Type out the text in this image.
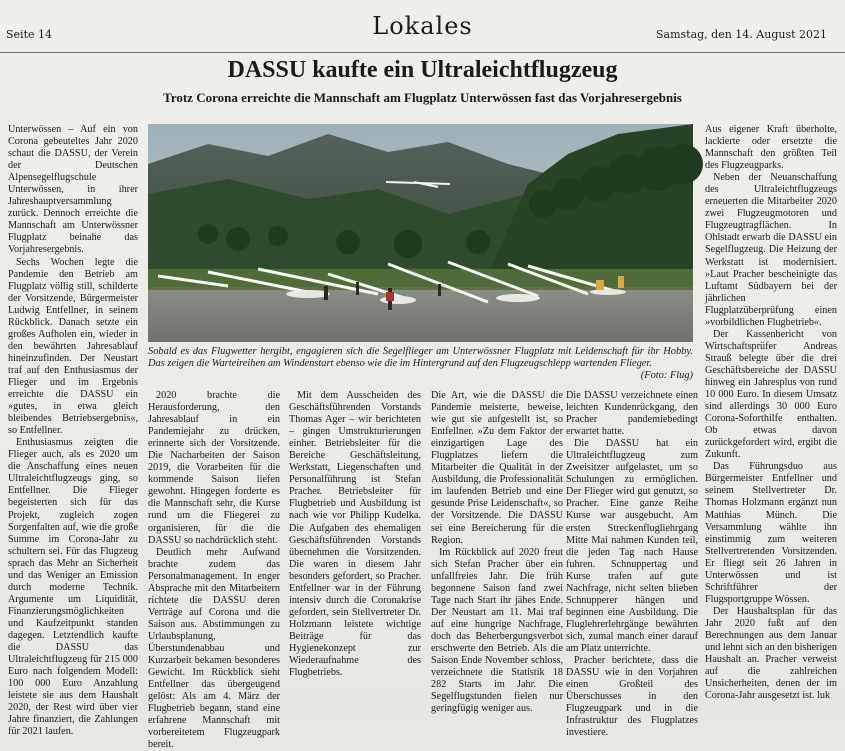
Seite 14	Lokales	Samstag, den 14. August 2021
DASSU kaufte ein Ultraleichtflugzeug
Trotz Corona erreichte die Mannschaft am Flugplatz Unterwössen fast das Vorjahresergebnis

Unterwössen – Auf ein von Corona gebeuteltes Jahr 2020 schaut die DASSU, der Verein der Deutschen Alpensegelflugschule Unterwössen, in ihrer Jahreshauptversammlung zurück. Dennoch erreichte die Mannschaft am Unterwössner Flugplatz beinahe das Vorjahresergebnis.

Sechs Wochen legte die Pandemie den Betrieb am Flugplatz völlig still, schilderte der Vorsitzende, Bürgermeister Ludwig Entfellner, in seinem Rückblick. Danach setzte ein großes Aufholen ein, wieder in den bewährten Jahresablauf hineinzufinden. Der Neustart traf auf den Enthusiasmus der Flieger und im Ergebnis erreichte die DASSU ein »gutes, in etwa gleich bleibendes Betriebsergebnis«, so Entfellner.

Enthusiasmus zeigten die Flieger auch, als es 2020 um die Anschaffung eines neuen Ultraleichtflugzeugs ging, so Entfellner. Die Flieger begeisterten sich für das Projekt, zugleich zogen Sorgenfalten auf, wie die große Summe im Corona-Jahr zu schultern sei. Für das Flugzeug sprach das Mehr an Sicherheit und das Weniger an Emission durch moderne Technik. Argumente um Liquidität, Finanzierungsmöglichkeiten und Kaufzeitpunkt standen dagegen. Letztendlich kaufte die DASSU das Ultraleichtflugzeug für 215 000 Euro nach folgendem Modell: 100 000 Euro Anzahlung leistete sie aus dem Haushalt 2020, der Rest wird über vier Jahre finanziert, die Zahlungen für 2021 laufen.

Sobald es das Flugwetter hergibt, engagieren sich die Segelflieger am Unterwössner Flugplatz mit Leidenschaft für ihr Hobby. Das zeigen die Warteireihen am Windenstart ebenso wie die im Hintergrund auf den Flugzeugschlepp wartenden Flieger.
(Foto: Flug)

2020 brachte die Herausforderung, den Jahresablauf in ein Pandemiejahr zu drücken, erinnerte sich der Vorsitzende. Die Nacharbeiten der Saison 2019, die Vorarbeiten für die kommende Saison liefen gewohnt. Hingegen forderte es die Mannschaft sehr, die Kurse rund um die Fliegerei zu organisieren, für die die DASSU so nachdrücklich steht.

Deutlich mehr Aufwand brachte zudem das Personalmanagement. In enger Absprache mit den Mitarbeitern richtete die DASSU deren Verträge auf Corona und die Saison aus. Abstimmungen zu Urlaubsplanung, Überstundenabbau und Kurzarbeit bekamen besonderes Gewicht. Im Rückblick sieht Entfellner das übergeugend gelöst: Als am 4. März der Flugbetrieb begann, stand eine erfahrene Mannschaft mit vorbereitetem Flugzeugpark bereit.

Mit dem Ausscheiden des Geschäftsführenden Vorstands Thomas Ager – wir berichteten – gingen Umstrukturierungen einher. Betriebsleiter für die Bereiche Geschäftsleitung, Werkstatt, Liegenschaften und Personalführung ist Stefan Pracher. Betriebsleiter für Flugbetrieb und Ausbildung ist nach wie vor Philipp Kudelka. Die Aufgaben des ehemaligen Geschäftsführenden Vorstands übernehmen die Vorsitzenden. Die waren in diesem Jahr besonders gefordert, so Pracher. Entfellner war in der Führung intensiv durch die Coronakrise gefordert, sein Stellvertreter Dr. Holzmann leistete wichtige Beiträge für das Hygienekonzept zur Wiederaufnahme des Flugbetriebs.

Die Art, wie die DASSU die Pandemie meisterte, beweise, wie gut sie aufgestellt ist, so Entfellner. »Zu dem Faktor der einzigartigen Lage des Flugplatzes liefern die Mitarbeiter die Qualität in der Ausbildung, die Professionalität im laufenden Betrieb und eine gesunde Prise Leidenschaft«, so der Vorsitzende. Die DASSU sei eine Bereicherung für die Region.

Im Rückblick auf 2020 freut sich Stefan Pracher über ein unfallfreies Jahr. Die früh begonnene Saison fand zwei Tage nach Start ihr jähes Ende. Der Neustart am 11. Mai traf auf eine hungrige Nachfrage, doch das Beherbergungsverbot erschwerte den Betrieb. Als die Saison Ende November schloss, verzeichnete die Statistik 18 282 Starts im Jahr. Die Segelflugstunden fielen nur geringfügig weniger aus.

Die DASSU verzeichnete einen leichten Kundenrückgang, den Pracher pandemiebedingt erwartet hatte.

Die DASSU hat ein Ultraleichtflugzeug zum Zweisitzer aufgelastet, um so Schulungen zu ermöglichen. Der Flieger wird gut genutzt, so Pracher. Eine ganze Reihe Kurse war ausgebucht. Am ersten Streckenflugliehrgang Mitte Mai nahmen Kunden teil, die jeden Tag nach Hause fuhren. Schnuppertag und Kurse trafen auf gute Nachfrage, nicht selten blieben Schnupperer hängen und beginnen eine Ausbildung. Die Fluglehrerlehrgänge bewährten sich, zumal manch einer darauf am Platz unterrichte.

Pracher berichtete, dass die DASSU wie in den Vorjahren einen Großteil des Überschusses in den Flugzeugpark und in die Infrastruktur des Flugplatzes investiere.

Aus eigener Kraft überholte, lackierte oder ersetzte die Mannschaft den größten Teil des Flugzeugparks.

Neben der Neuanschaffung des Ultraleichtflugzeugs erneuerten die Mitarbeiter 2020 zwei Flugzeugmotoren und Flugzeugtragflächen. In Ohlstadt erwarb die DASSU ein Segelflugzeug. Die Heizung der Werkstatt ist modernisiert. »Laut Pracher bescheinigte das Luftamt Südbayern bei der jährlichen Flugplatzüberprüfung einen »vorbildlichen Flugbetrieb«.

Der Kassenbericht von Wirtschaftsprüfer Andreas Strauß belegte über die drei Geschäftsbereiche der DASSU hinweg ein Jahresplus von rund 10 000 Euro. In diesem Umsatz sind allerdings 30 000 Euro Corona-Soforthilfe enthalten. Ob etwas davon zurückgefordert wird, ergibt die Zukunft.

Das Führungsduo aus Bürgermeister Entfellner und seinem Stellvertreter Dr. Thomas Holzmann ergänzt nun Matthias Münch. Die Versammlung wählte ihn einstimmig zum weiteren Stellvertretenden Vorsitzenden. Er fliegt seit 26 Jahren in Unterwössen und ist Schriftführer der Flugsportgruppe Wössen.

Der Haushaltsplan für das Jahr 2020 fußt auf den Berechnungen aus dem Januar und lehnt sich an den bisherigen Haushalt an. Pracher verweist auf die zahlreichen Unsicherheiten, denen der im Corona-Jahr ausgesetzt ist. luk
